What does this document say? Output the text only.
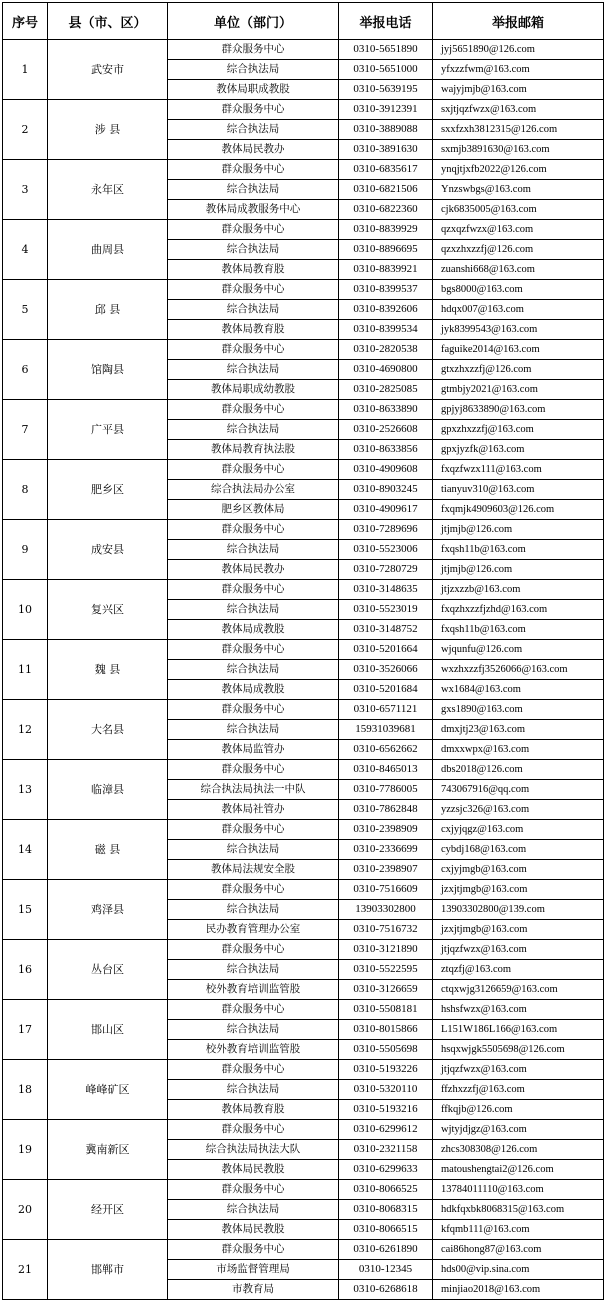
序号	县（市、区）	单位（部门）	举报电话	举报邮箱
1	武安市	群众服务中心	0310-5651890	jyj5651890@126.com
		综合执法局	0310-5651000	yfxzzfwm@163.com
		教体局职成教股	0310-5639195	wajyjmjb@163.com
2	涉 县	群众服务中心	0310-3912391	sxjtjqzfwzx@163.com
		综合执法局	0310-3889088	sxxfzxh3812315@126.com
		教体局民教办	0310-3891630	sxmjb3891630@163.com
3	永年区	群众服务中心	0310-6835617	ynqjtjxfb2022@126.com
		综合执法局	0310-6821506	Ynzswbgs@163.com
		教体局成教服务中心	0310-6822360	cjk6835005@163.com
4	曲周县	群众服务中心	0310-8839929	qzxqzfwzx@163.com
		综合执法局	0310-8896695	qzxzhxzzfj@126.com
		教体局教育股	0310-8839921	zuanshi668@163.com
5	邱 县	群众服务中心	0310-8399537	bgs8000@163.com
		综合执法局	0310-8392606	hdqx007@163.com
		教体局教育股	0310-8399534	jyk8399543@163.com
6	馆陶县	群众服务中心	0310-2820538	faguike2014@163.com
		综合执法局	0310-4690800	gtxzhxzzfj@126.com
		教体局职成幼教股	0310-2825085	gtmbjy2021@163.com
7	广平县	群众服务中心	0310-8633890	gpjyj8633890@163.com
		综合执法局	0310-2526608	gpxzhxzzfj@163.com
		教体局教育执法股	0310-8633856	gpxjyzfk@163.com
8	肥乡区	群众服务中心	0310-4909608	fxqzfwzx111@163.com
		综合执法局办公室	0310-8903245	tianyuv310@163.com
		肥乡区教体局	0310-4909617	fxqmjk4909603@126.com
9	成安县	群众服务中心	0310-7289696	jtjmjb@126.com
		综合执法局	0310-5523006	fxqsh11b@163.com
		教体局民教办	0310-7280729	jtjmjb@126.com
10	复兴区	群众服务中心	0310-3148635	jtjzxzzb@163.com
		综合执法局	0310-5523019	fxqzhxzzfjzhd@163.com
		教体局成教股	0310-3148752	fxqsh11b@163.com
11	魏 县	群众服务中心	0310-5201664	wjqunfu@126.com
		综合执法局	0310-3526066	wxzhxzzfj3526066@163.com
		教体局成教股	0310-5201684	wx1684@163.com
12	大名县	群众服务中心	0310-6571121	gxs1890@163.com
		综合执法局	15931039681	dmxjtj23@163.com
		教体局监管办	0310-6562662	dmxxwpx@163.com
13	临漳县	群众服务中心	0310-8465013	dbs2018@126.com
		综合执法局执法一中队	0310-7786005	743067916@qq.com
		教体局社管办	0310-7862848	yzzsjc326@163.com
14	磁 县	群众服务中心	0310-2398909	cxjyjqgz@163.com
		综合执法局	0310-2336699	cybdj168@163.com
		教体局法规安全股	0310-2398907	cxjyjmgb@163.com
15	鸡泽县	群众服务中心	0310-7516609	jzxjtjmgb@163.com
		综合执法局	13903302800	13903302800@139.com
		民办教育管理办公室	0310-7516732	jzxjtjmgb@163.com
16	丛台区	群众服务中心	0310-3121890	jtjqzfwzx@163.com
		综合执法局	0310-5522595	ztqzfj@163.com
		校外教育培训监管股	0310-3126659	ctqxwjg3126659@163.com
17	邯山区	群众服务中心	0310-5508181	hshsfwzx@163.com
		综合执法局	0310-8015866	L151W186L166@163.com
		校外教育培训监管股	0310-5505698	hsqxwjgk5505698@126.com
18	峰峰矿区	群众服务中心	0310-5193226	jtjqzfwzx@163.com
		综合执法局	0310-5320110	ffzhxzzfj@163.com
		教体局教育股	0310-5193216	ffkqjb@126.com
19	冀南新区	群众服务中心	0310-6299612	wjtyjdjgz@163.com
		综合执法局执法大队	0310-2321158	zhcs308308@126.com
		教体局民教股	0310-6299633	matoushengtai2@126.com
20	经开区	群众服务中心	0310-8066525	13784011110@163.com
		综合执法局	0310-8068315	hdkfqxbk8068315@163.com
		教体局民教股	0310-8066515	kfqmb111@163.com
21	邯郸市	群众服务中心	0310-6261890	cai86hong87@163.com
		市场监督管理局	0310-12345	hds00@vip.sina.com
		市教育局	0310-6268618	minjiao2018@163.com
